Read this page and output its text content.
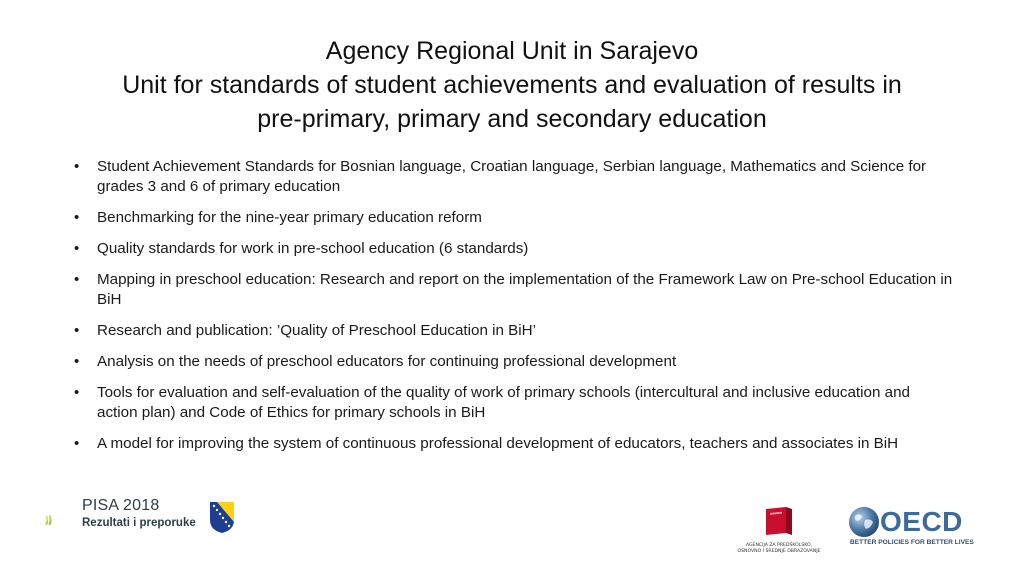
Agency Regional Unit in Sarajevo
Unit for standards of student achievements and evaluation of results in
pre-primary, primary and secondary education
• Student Achievement Standards for Bosnian language, Croatian language, Serbian language, Mathematics and Science for grades 3 and 6 of primary education
• Benchmarking for the nine-year primary education reform
• Quality standards for work in pre-school education (6 standards)
• Mapping in preschool education: Research and report on the implementation of the Framework Law on Pre-school Education in BiH
• Research and publication: ’Quality of Preschool Education in BiH’
• Analysis on the needs of preschool educators for continuing professional development
• Tools for evaluation and self-evaluation of the quality of work of primary schools (intercultural and inclusive education and action plan) and Code of Ethics for primary schools in BiH
• A model for improving the system of continuous professional development of educators, teachers and associates in BiH
PISA 2018
Rezultati i preporuke
AGENCIJA ZA PREDŠKOLSKO,
OSNOVNO I SREDNJE OBRAZOVANJE
OECD
BETTER POLICIES FOR BETTER LIVES
